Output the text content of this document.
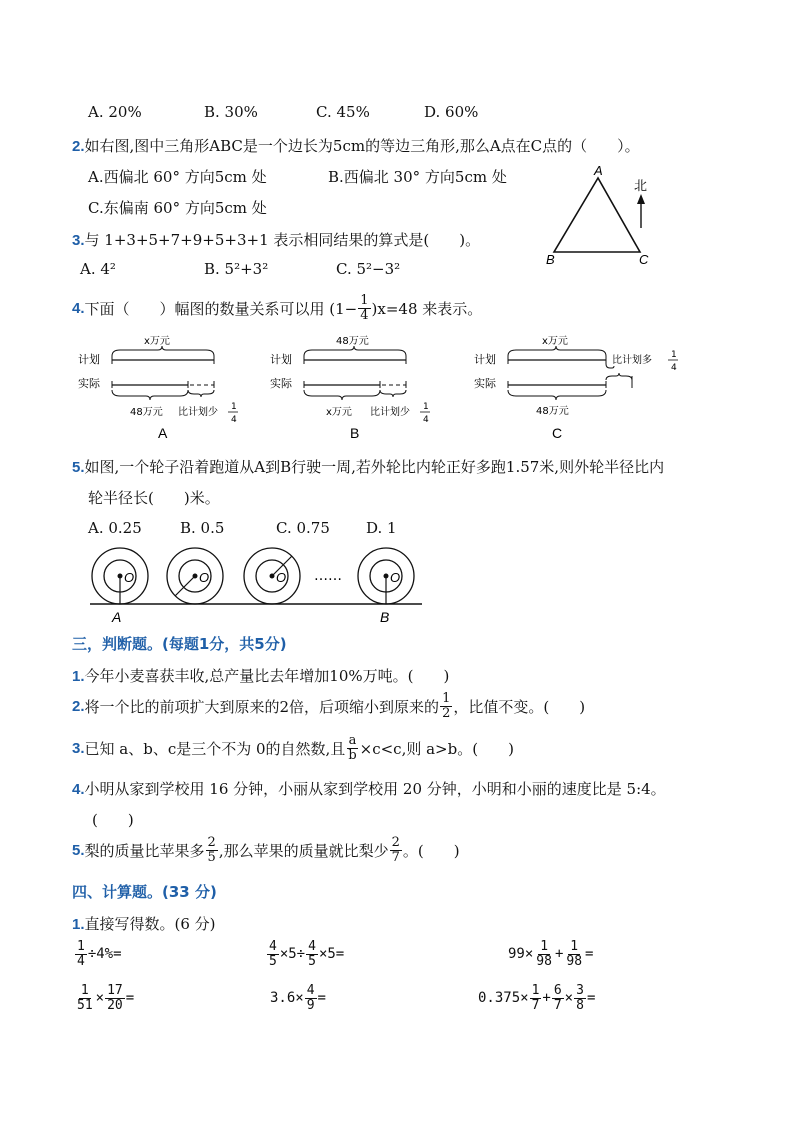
A. 20%	B. 30%	C. 45%	D. 60%
2.如右图,图中三角形ABC是一个边长为5cm的等边三角形,那么A点在C点的（　　）。
A.西偏北 60° 方向5cm 处	B.西偏北 30° 方向5cm 处
C.东偏南 60° 方向5cm 处
A
B	C
北
3.与 1+3+5+7+9+5+3+1 表示相同结果的算式是(　　)。
A. 4²	B. 5²+3²	C. 5²−3²
4. 下面（　　）幅图的数量关系可以用 $(1- \frac{1}{4} )x=48$ 来表示。
计划
实际
x万元
48万元 比计划少 1
4
A
计划
实际
48万元
x万元 比计划少 1
4
B
计划
实际
x万元
比计划多 1
4
48万元
C
5.如图,一个轮子沿着跑道从A到B行驶一周,若外轮比内轮正好多跑1.57米,则外轮半径比内
轮半径长(　　)米。
A. 0.25	B. 0.5	C. 0.75 D. 1
O	O	O ……	O
A	B
三，判断题。(每题1分，共5分)
1.今年小麦喜获丰收,总产量比去年增加10%万吨。(　　)
2. 将一个比的前项扩大到原来的2倍，后项缩小到原来的 $\frac{1}{2}$ ，比值不变。(　　)
3. 已知 a、b、c是三个不为 0的自然数,且 $\frac{a}{b} \times c<c$,则 a>b。(　　)
4.小明从家到学校用 16 分钟，小丽从家到学校用 20 分钟，小明和小丽的速度比是 5:4。
(　　)
5. 梨的质量比苹果多 $\frac{2}{5}$ ,那么苹果的质量就比梨少 $\frac{2}{7}$ 。(　　)
四、计算题。(33 分)
1.直接写得数。(6 分)
$\frac{1}{4} \div 4\%=$	$\frac{4}{5} \times 5\div \frac{4}{5} \times 5=$	$99\times \frac{1}{98} + \frac{1}{98}$ =
$\frac{1}{51} \times \frac{17}{20}$ =	$3.6\times \frac{4}{9}$ =	$0.375\times \frac{1}{7} + \frac{6}{7} \times \frac{3}{8}$ =
